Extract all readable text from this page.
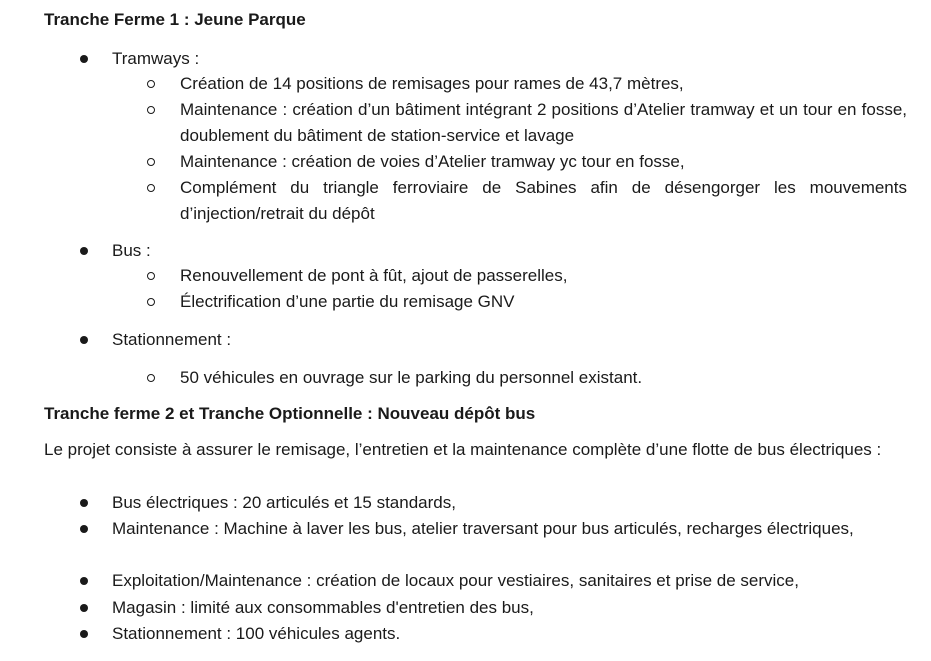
Tranche Ferme 1 : Jeune Parque
Tramways :
Création de 14 positions de remisages pour rames de 43,7 mètres,
Maintenance : création d’un bâtiment intégrant 2 positions d’Atelier tramway et un tour en fosse, doublement du bâtiment de station-service et lavage
Maintenance : création de voies d’Atelier tramway yc tour en fosse,
Complément du triangle ferroviaire de Sabines afin de désengorger les mouvements d’injection/retrait du dépôt
Bus :
Renouvellement de pont à fût, ajout de passerelles,
Électrification d’une partie du remisage GNV
Stationnement :
50 véhicules en ouvrage sur le parking du personnel existant.
Tranche ferme 2 et Tranche Optionnelle : Nouveau dépôt bus
Le projet consiste à assurer le remisage, l’entretien et la maintenance complète d’une flotte de bus électriques :
Bus électriques : 20 articulés et 15 standards,
Maintenance : Machine à laver les bus, atelier traversant pour bus articulés, recharges électriques,
Exploitation/Maintenance : création de locaux pour vestiaires, sanitaires et prise de service,
Magasin : limité aux consommables d'entretien des bus,
Stationnement : 100 véhicules agents.
